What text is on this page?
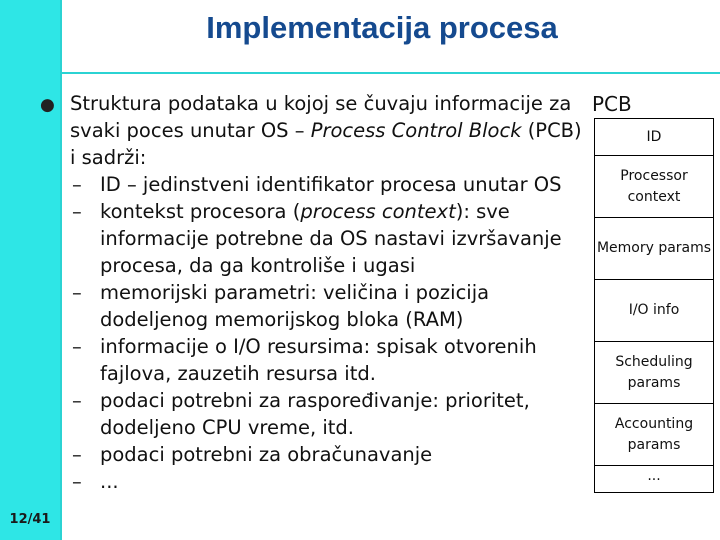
12/41
Implementacija procesa
● Struktura podataka u kojoj se čuvaju informacije za svaki poces unutar OS – Process Control Block (PCB) i sadrži:
– ID – jedinstveni identifikator procesa unutar OS
– kontekst procesora (process context): sve informacije potrebne da OS nastavi izvršavanje procesa, da ga kontroliše i ugasi
– memorijski parametri: veličina i pozicija dodeljenog memorijskog bloka (RAM)
– informacije o I/O resursima: spisak otvorenih fajlova, zauzetih resursa itd.
– podaci potrebni za raspoređivanje: prioritet, dodeljeno CPU vreme, itd.
– podaci potrebni za obračunavanje
– ...
PCB
ID
Processor context
Memory params
I/O info
Scheduling params
Accounting params
...
